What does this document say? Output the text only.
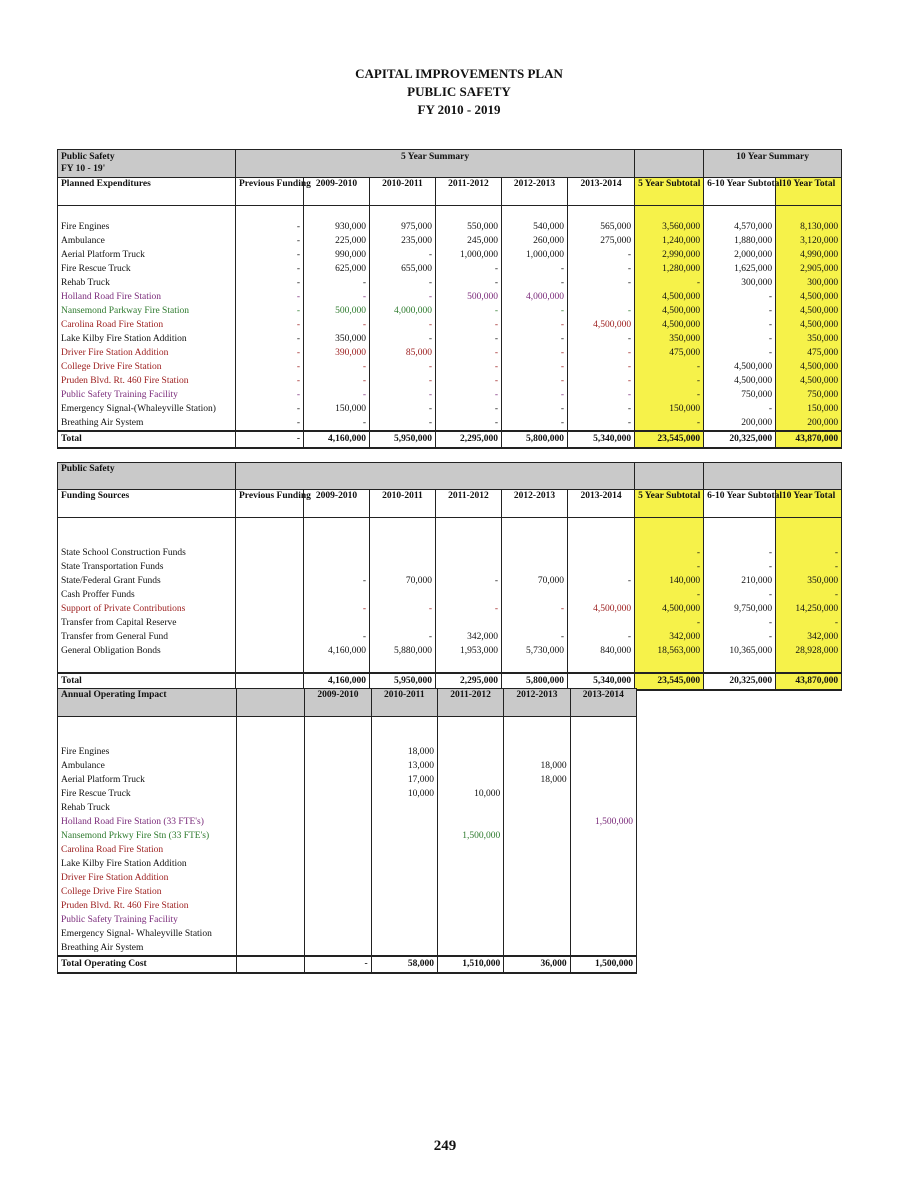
CAPITAL IMPROVEMENTS PLAN
PUBLIC SAFETY
FY 2010 - 2019
Public Safety
FY 10 - 19'	5 Year Summary							10 Year Summary	
Planned Expenditures	Previous Funding	2009-2010	2010-2011	2011-2012	2012-2013	2013-2014	5 Year Subtotal	6-10 Year Subtotal	10 Year Total

Fire Engines	-	930,000	975,000	550,000	540,000	565,000	3,560,000	4,570,000	8,130,000
Ambulance	-	225,000	235,000	245,000	260,000	275,000	1,240,000	1,880,000	3,120,000
Aerial Platform Truck	-	990,000	-	1,000,000	1,000,000	-	2,990,000	2,000,000	4,990,000
Fire Rescue Truck	-	625,000	655,000	-	-	-	1,280,000	1,625,000	2,905,000
Rehab Truck	-	-	-	-	-	-	-	300,000	300,000
Holland Road Fire Station	-	-	-	500,000	4,000,000		4,500,000	-	4,500,000
Nansemond Parkway Fire Station	-	500,000	4,000,000	-	-	-	4,500,000	-	4,500,000
Carolina Road Fire Station	-	-	-	-	-	4,500,000	4,500,000	-	4,500,000
Lake Kilby Fire Station Addition	-	350,000	-	-	-	-	350,000	-	350,000
Driver Fire Station Addition	-	390,000	85,000	-	-	-	475,000	-	475,000
College Drive Fire Station	-	-	-	-	-	-	-	4,500,000	4,500,000
Pruden Blvd. Rt. 460 Fire Station	-	-	-	-	-	-	-	4,500,000	4,500,000
Public Safety Training Facility	-	-	-	-	-	-	-	750,000	750,000
Emergency Signal-(Whaleyville Station)	-	150,000	-	-	-	-	150,000	-	150,000
Breathing Air System	-	-	-	-	-	-	-	200,000	200,000
Total	-	4,160,000	5,950,000	2,295,000	5,800,000	5,340,000	23,545,000	20,325,000	43,870,000
Public Safety									
Funding Sources	Previous Funding	2009-2010	2010-2011	2011-2012	2012-2013	2013-2014	5 Year Subtotal	6-10 Year Subtotal	10 Year Total

State School Construction Funds							-	-	-
State Transportation Funds							-	-	-
State/Federal Grant Funds		-	70,000	-	70,000	-	140,000	210,000	350,000
Cash Proffer Funds							-	-	-
Support of Private Contributions		-	-	-	-	4,500,000	4,500,000	9,750,000	14,250,000
Transfer from Capital Reserve							-	-	-
Transfer from General Fund		-	-	342,000	-	-	342,000	-	342,000
General Obligation Bonds		4,160,000	5,880,000	1,953,000	5,730,000	840,000	18,563,000	10,365,000	28,928,000

Total		4,160,000	5,950,000	2,295,000	5,800,000	5,340,000	23,545,000	20,325,000	43,870,000
Annual Operating Impact		2009-2010	2010-2011	2011-2012	2012-2013	2013-2014

Fire Engines			18,000			
Ambulance			13,000		18,000	
Aerial Platform Truck			17,000		18,000	
Fire Rescue Truck			10,000	10,000		
Rehab Truck						
Holland Road Fire Station (33 FTE's)						1,500,000
Nansemond Prkwy Fire Stn (33 FTE's)				1,500,000		
Carolina Road Fire Station						
Lake Kilby Fire Station Addition						
Driver Fire Station Addition						
College Drive Fire Station						
Pruden Blvd. Rt. 460 Fire Station						
Public Safety Training Facility						
Emergency Signal- Whaleyville Station						
Breathing Air System						
Total Operating Cost		-	58,000	1,510,000	36,000	1,500,000
249
